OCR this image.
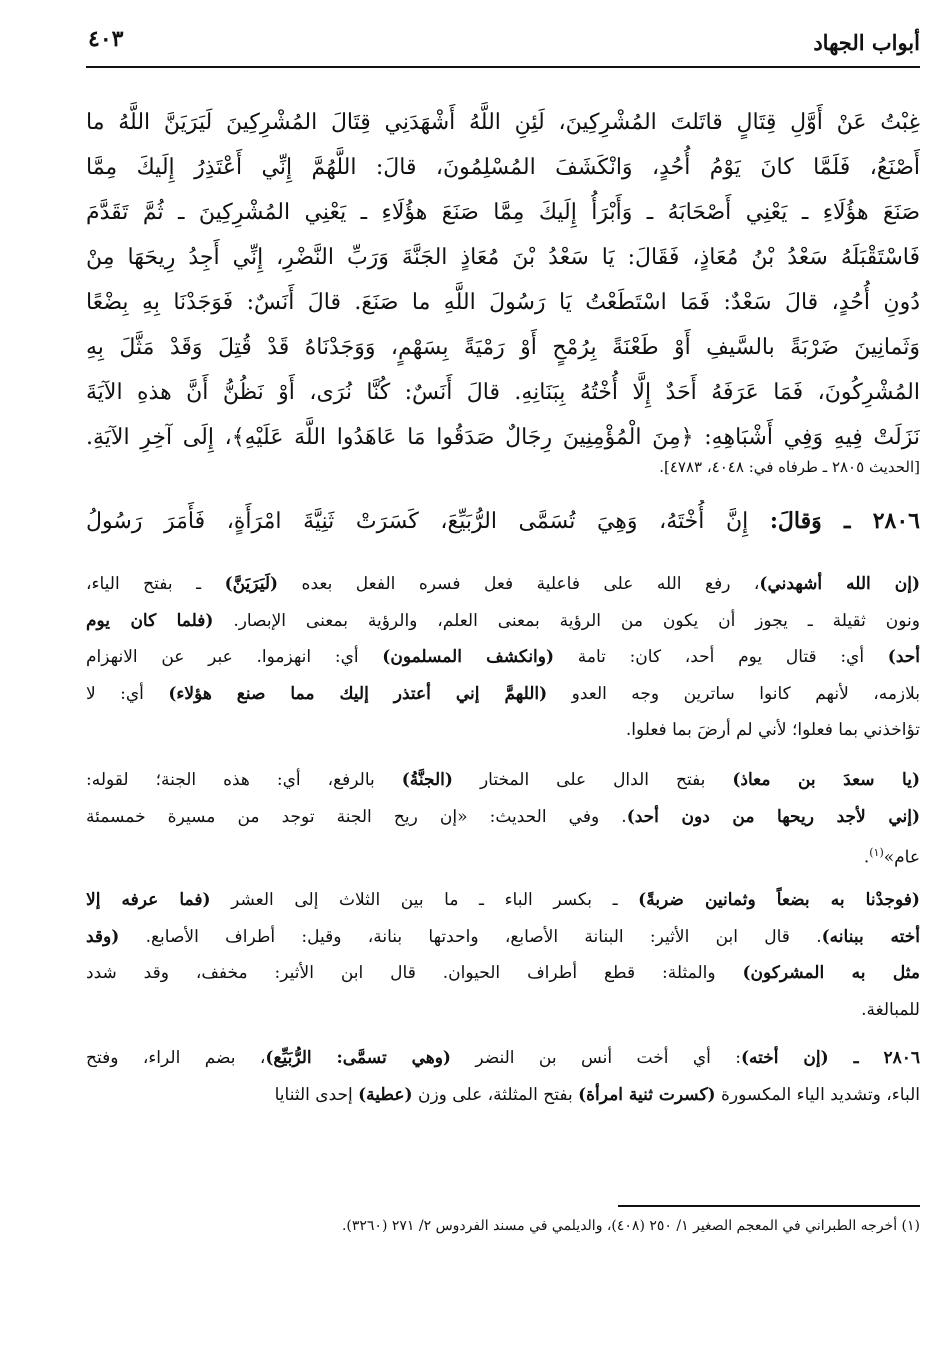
أبواب الجهاد
٤٠٣
غِبْتُ عَنْ أَوَّلِ قِتَالٍ قاتَلتَ المُشْرِكِينَ، لَئِنِ اللَّهُ أَشْهَدَنِي قِتَالَ المُشْرِكِينَ لَيَرَيَنَّ اللَّهُ ما
أَصْنَعُ، فَلَمَّا كانَ يَوْمُ أُحُدٍ، وَانْكَشَفَ المُسْلِمُونَ، قالَ: اللَّهُمَّ إِنِّي أَعْتَذِرُ إِلَيكَ مِمَّا
صَنَعَ هؤُلَاءِ ـ يَعْنِي أَصْحَابَهُ ـ وَأَبْرَأُ إِلَيكَ مِمَّا صَنَعَ هؤُلَاءِ ـ يَعْنِي المُشْرِكِينَ ـ ثُمَّ تَقَدَّمَ
فَاسْتَقْبَلَهُ سَعْدُ بْنُ مُعَاذٍ، فَقَالَ: يَا سَعْدُ بْنَ مُعَاذٍ الجَنَّةَ وَرَبِّ النَّضْرِ، إِنِّي أَجِدُ رِيحَهَا مِنْ
دُونِ أُحُدٍ، قالَ سَعْدٌ: فَمَا اسْتَطَعْتُ يَا رَسُولَ اللَّهِ ما صَنَعَ. قالَ أَنَسٌ: فَوَجَدْنَا بِهِ بِضْعًا
وَثَمانِينَ ضَرْبَةً بالسَّيفِ أَوْ طَعْنَةً بِرُمْحٍ أَوْ رَمْيَةً بِسَهْمٍ، وَوَجَدْنَاهُ قَدْ قُتِلَ وَقَدْ مَثَّلَ بِهِ
المُشْرِكُونَ، فَمَا عَرَفَهُ أَحَدٌ إِلَّا أُخْتُهُ بِبَنَانِهِ. قالَ أَنَسٌ: كُنَّا نُرَى، أَوْ نَظُنُّ أَنَّ هذهِ الآيَةَ
نَزَلَتْ فِيهِ وَفِي أَشْبَاهِهِ: ﴿مِنَ الْمُؤْمِنِينَ رِجَالٌ صَدَقُوا مَا عَاهَدُوا اللَّهَ عَلَيْهِ﴾، إِلَى آخِرِ الآيَةِ.
[الحديث ٢٨٠٥ ـ طرفاه في: ٤٠٤٨، ٤٧٨٣].
٢٨٠٦ ـ وَقالَ: إِنَّ أُخْتَهُ، وَهِيَ تُسَمَّى الرُّبَيِّعَ، كَسَرَتْ ثَنِيَّةَ امْرَأَةٍ، فَأَمَرَ رَسُولُ
(إن الله أشهدني)، رفع الله على فاعلية فعل فسره الفعل بعده (لَيَرَيَنَّ) ـ بفتح الياء،
ونون ثقيلة ـ يجوز أن يكون من الرؤية بمعنى العلم، والرؤية بمعنى الإبصار. (فلما كان يوم
أحد) أي: قتال يوم أحد، كان: تامة (وانكشف المسلمون) أي: انهزموا. عبر عن الانهزام
بلازمه، لأنهم كانوا ساترين وجه العدو (اللهمَّ إني أعتذر إليك مما صنع هؤلاء) أي: لا
تؤاخذني بما فعلوا؛ لأني لم أرضَ بما فعلوا.
(يا سعدَ بن معاذ) بفتح الدال على المختار (الجنَّةُ) بالرفع، أي: هذه الجنة؛ لقوله:
(إني لأجد ريحها من دون أحد). وفي الحديث: «إن ريح الجنة توجد من مسيرة خمسمئة
عام»$^{(١)}$.
(فوجدْنا به بضعاً وثمانين ضربةً) ـ بكسر الباء ـ ما بين الثلاث إلى العشر (فما عرفه إلا
أخته ببنانه). قال ابن الأثير: البنانة الأصابع، واحدتها بنانة، وقيل: أطراف الأصابع. (وقد
مثل به المشركون) والمثلة: قطع أطراف الحيوان. قال ابن الأثير: مخفف، وقد شدد
للمبالغة.
٢٨٠٦ ـ (إن أخته): أي أخت أنس بن النضر (وهي تسمَّى: الرُّبَيِّع)، بضم الراء، وفتح
الباء، وتشديد الياء المكسورة (كسرت ثنية امرأة) بفتح المثلثة، على وزن (عطية) إحدى الثنايا
(١) أخرجه الطبراني في المعجم الصغير ١/ ٢٥٠ (٤٠٨)، والديلمي في مسند الفردوس ٢/ ٢٧١ (٣٢٦٠).
